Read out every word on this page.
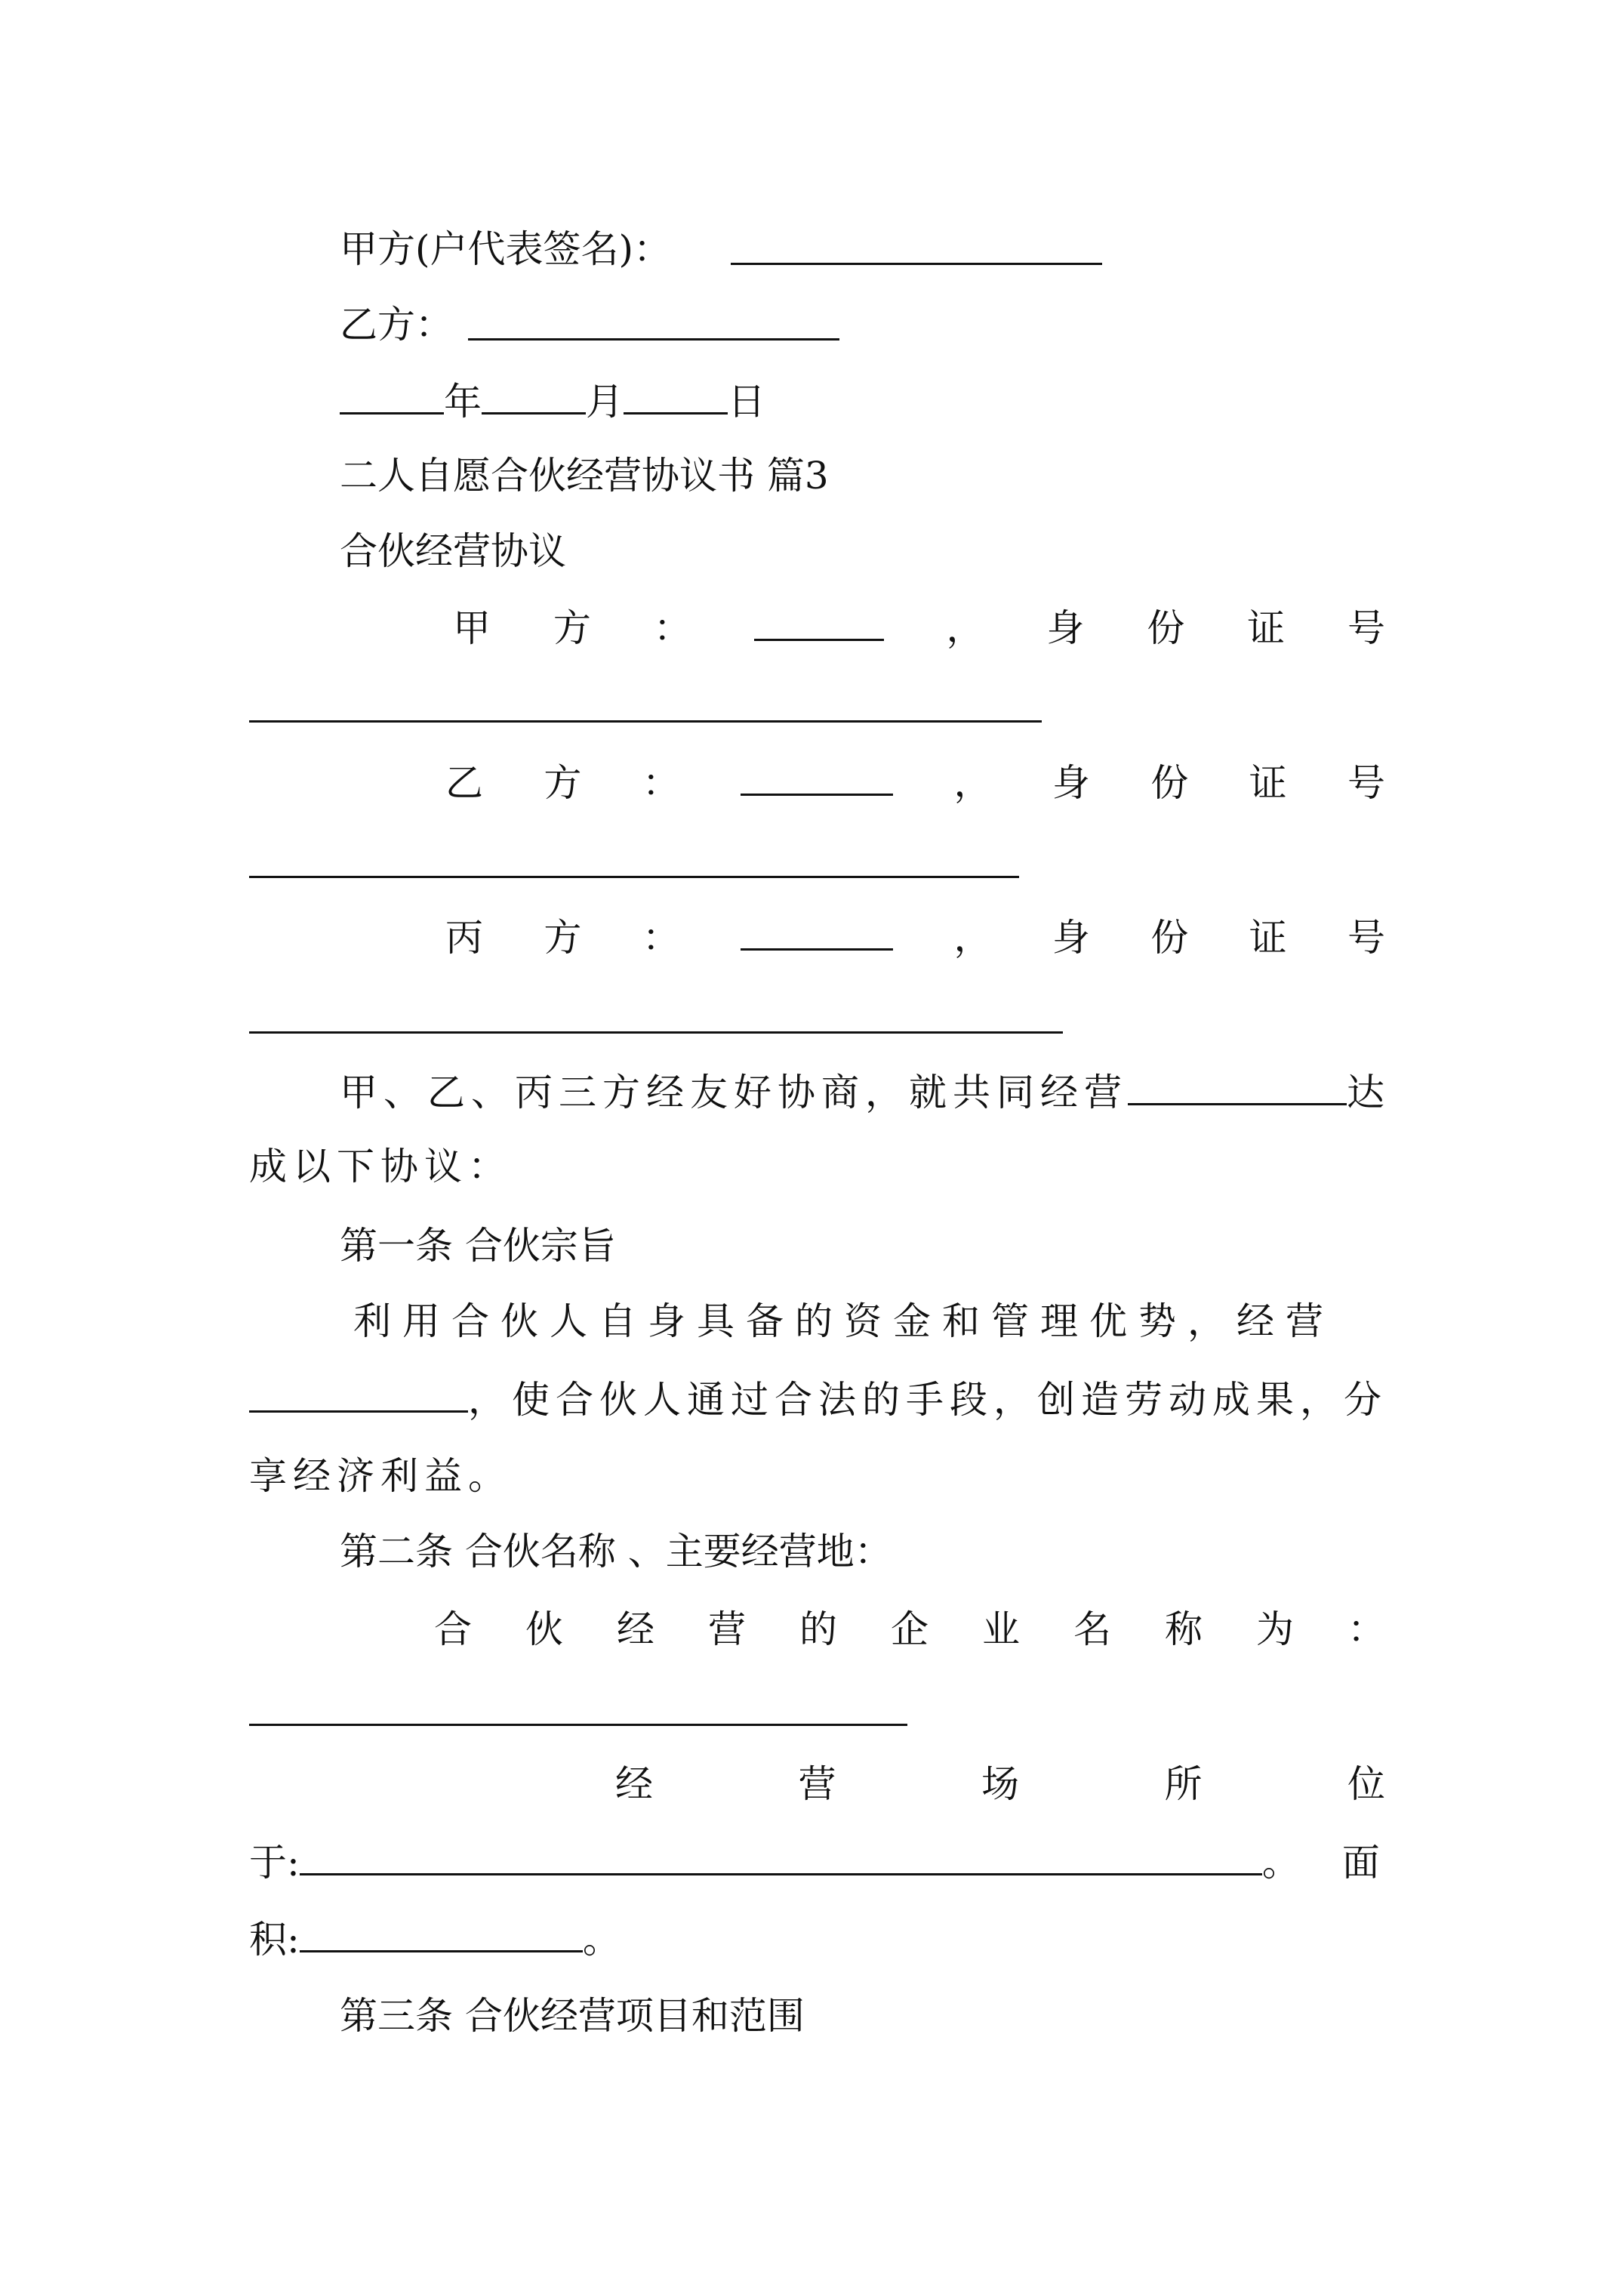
甲方(户代表签名)：
乙方：
年	月	日
二人自愿合伙经营协议书 篇3
合伙经营协议
甲 方 ：	， 身 份 证 号
乙 方 ：	， 身 份 证 号
丙 方 ：	， 身 份 证 号
甲、乙、丙三方经友好协商，就共同经营	达
成以下协议：
第一条 合伙宗旨
利用合伙人自身具备的资金和管理优势，经营
，使合伙人通过合法的手段，创造劳动成果，分
享经济利益。
第二条 合伙名称 、主要经营地：
合 伙 经 营 的 企 业 名 称 为 ：
经	营	场	所	位
于:	。 面
积:	。
第三条 合伙经营项目和范围
